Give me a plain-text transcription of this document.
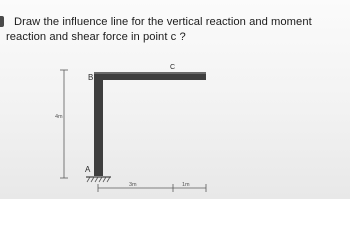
Draw the influence line for the vertical reaction and moment
reaction and shear force in point c ?
4m
B
C
A
3m	1m
